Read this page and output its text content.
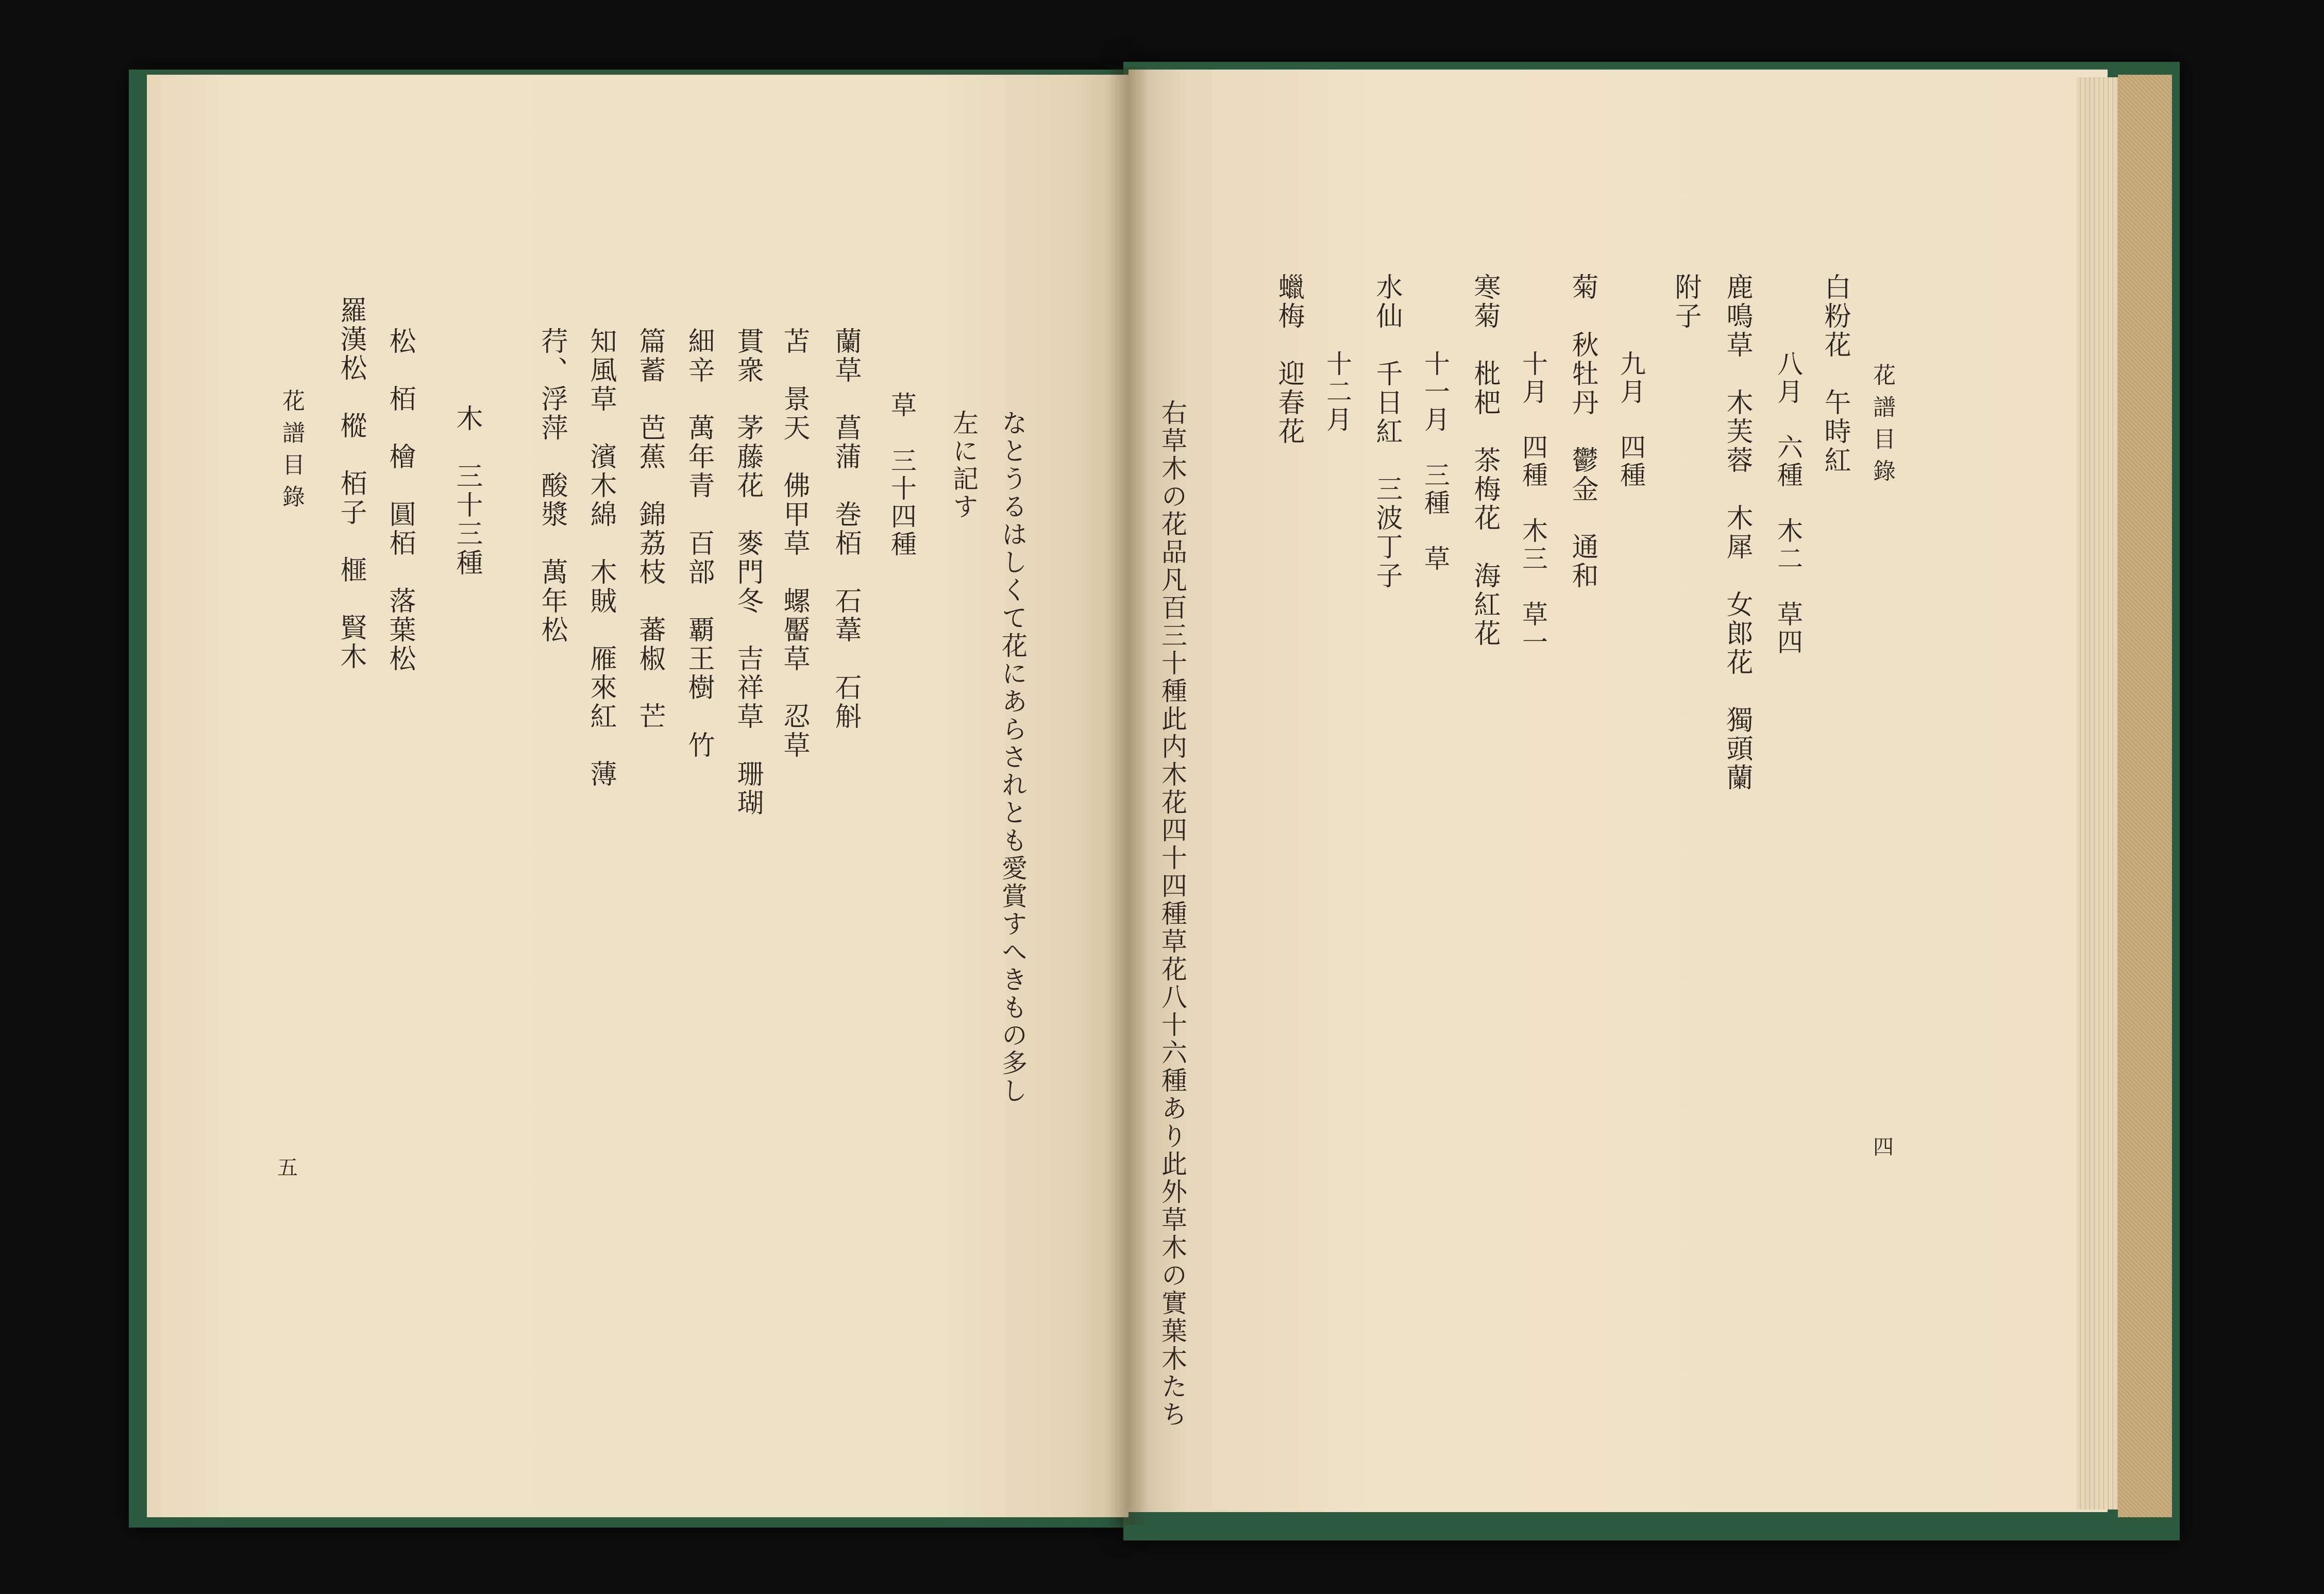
なとうるはしくて花にあらされとも愛賞すへきもの多し
左に記す
草　三十四種
蘭草　菖蒲　巻栢　石葦　石斛
苫　景天　佛甲草　螺靨草　忍草
貫衆　茅藤花　麥門冬　吉祥草　珊瑚
細辛　萬年青　百部　覇王樹　竹
篇蓄　芭蕉　錦荔枝　蕃椒　芒
知風草　濱木綿　木賊　雁來紅　薄
荇、浮萍　酸漿　萬年松
木　三十三種
松　栢　檜　圓栢　落葉松
羅漢松　樅　栢子　榧　賢木
花譜目錄
五
花譜目錄
四
白粉花　午時紅
八月　六種　木二　草四
鹿鳴草　木芙蓉　木犀　女郎花　獨頭蘭
附子
九月　四種
菊　秋牡丹　鬱金　通和
十月　四種　木三　草一
寒菊　枇杷　茶梅花　海紅花
十一月　三種　草
水仙　千日紅　三波丁子
十二月
蠟梅　迎春花
右草木の花品凡百三十種此内木花四十四種草花八十六種あり此外草木の實葉木たち
